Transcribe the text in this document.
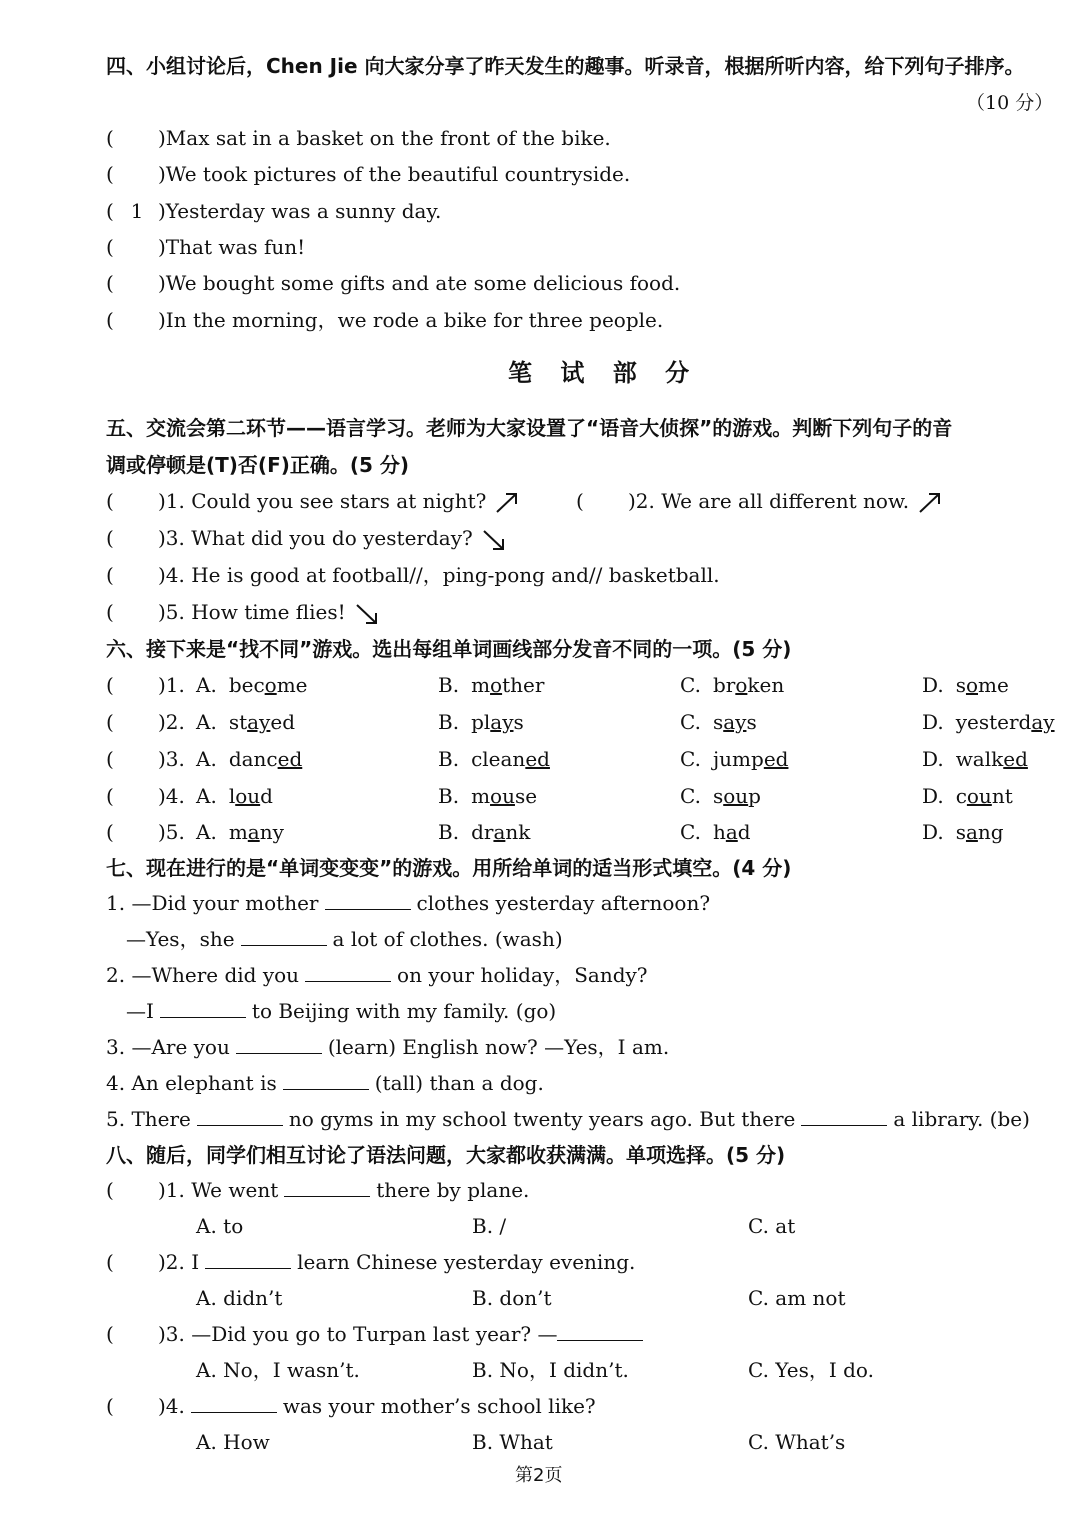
四、小组讨论后，Chen Jie 向大家分享了昨天发生的趣事。听录音，根据所听内容，给下列句子排序。
（10 分）
( )Max sat in a basket on the front of the bike.
( )We took pictures of the beautiful countryside.
( 1 )Yesterday was a sunny day.
( )That was fun!
( )We bought some gifts and ate some delicious food.
( )In the morning，we rode a bike for three people.
笔 试 部 分
五、交流会第二环节——语言学习。老师为大家设置了“语音大侦探”的游戏。判断下列句子的音
调或停顿是(T)否(F)正确。(5 分)
( )1. Could you see stars at night?	( )2. We are all different now.
( )3. What did you do yesterday?
( )4. He is good at football//，ping-pong and// basketball.
( )5. How time flies!
六、接下来是“找不同”游戏。选出每组单词画线部分发音不同的一项。(5 分)
( )1. A. become	B. mother	C. broken	D. some
( )2. A. stayed	B. plays	C. says	D. yesterday
( )3. A. danced	B. cleaned	C. jumped	D. walked
( )4. A. loud	B. mouse	C. soup	D. count
( )5. A. many	B. drank	C. had	D. sang
七、现在进行的是“单词变变变”的游戏。用所给单词的适当形式填空。(4 分)
1. —Did your mother	clothes yesterday afternoon?
—Yes，she	a lot of clothes. (wash)
2. —Where did you	on your holiday，Sandy?
—I	to Beijing with my family. (go)
3. —Are you	(learn) English now? —Yes，I am.
4. An elephant is	(tall) than a dog.
5. There	no gyms in my school twenty years ago. But there	a library. (be)
八、随后，同学们相互讨论了语法问题，大家都收获满满。单项选择。(5 分)
( )1. We went	there by plane.
A. to	B. /	C. at
( )2. I	learn Chinese yesterday evening.
A. didn’t	B. don’t	C. am not
( )3. —Did you go to Turpan last year? —
A. No，I wasn’t.	B. No，I didn’t.	C. Yes，I do.
( )4.	was your mother’s school like?
A. How	B. What	C. What’s
第2页
